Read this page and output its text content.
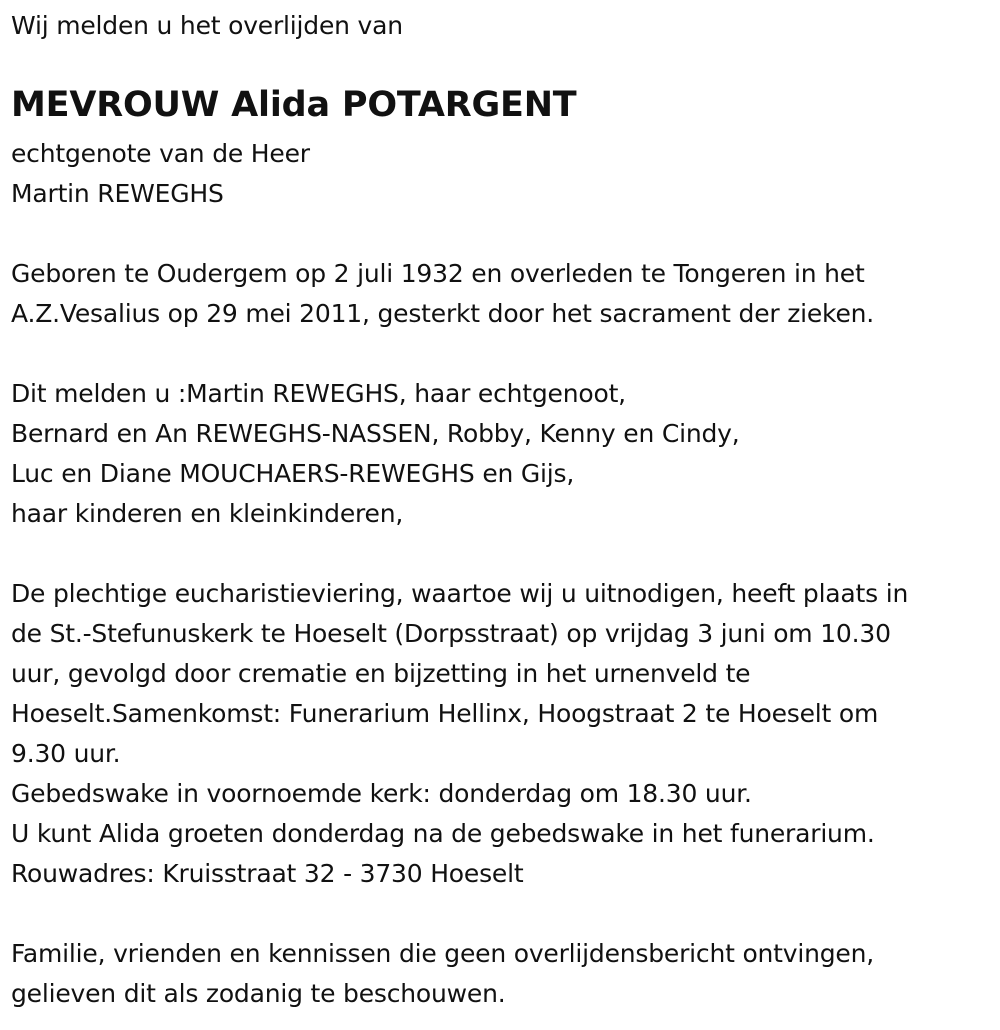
Wij melden u het overlijden van
MEVROUW Alida POTARGENT
echtgenote van de Heer
Martin REWEGHS
Geboren te Oudergem op 2 juli 1932 en overleden te Tongeren in het
A.Z.Vesalius op 29 mei 2011, gesterkt door het sacrament der zieken.
Dit melden u :Martin REWEGHS, haar echtgenoot,
Bernard en An REWEGHS-NASSEN, Robby, Kenny en Cindy,
Luc en Diane MOUCHAERS-REWEGHS en Gijs,
haar kinderen en kleinkinderen,
De plechtige eucharistieviering, waartoe wij u uitnodigen, heeft plaats in
de St.-Stefunuskerk te Hoeselt (Dorpsstraat) op vrijdag 3 juni om 10.30
uur, gevolgd door crematie en bijzetting in het urnenveld te
Hoeselt.Samenkomst: Funerarium Hellinx, Hoogstraat 2 te Hoeselt om
9.30 uur.
Gebedswake in voornoemde kerk: donderdag om 18.30 uur.
U kunt Alida groeten donderdag na de gebedswake in het funerarium.
Rouwadres: Kruisstraat 32 - 3730 Hoeselt
Familie, vrienden en kennissen die geen overlijdensbericht ontvingen,
gelieven dit als zodanig te beschouwen.
